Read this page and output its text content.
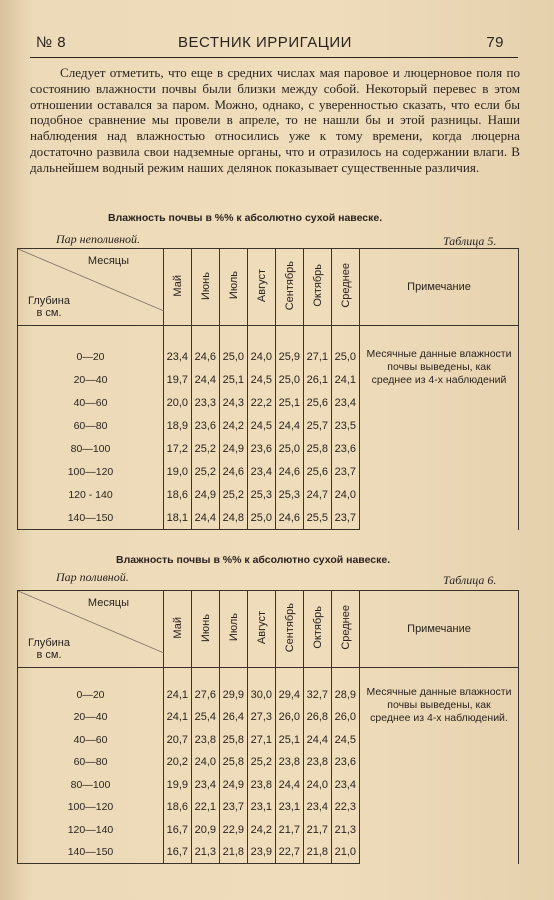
№ 8	ВЕСТНИК ИРРИГАЦИИ	79

Следует отметить, что еще в средних числах мая паровое и люцерновое поля по состоянию влажности почвы были близки между собой. Некоторый перевес в этом отношении оставался за паром. Можно, однако, с уверенностью сказать, что если бы подобное сравнение мы провели в апреле, то не нашли бы и этой разницы. Наши наблюдения над влажностью относились уже к тому времени, когда люцерна достаточно развила свои надземные органы, что и отразилось на содержании влаги. В дальнейшем водный режим наших делянок показывает существенные различия.

Влажность почвы в %% к абсолютно сухой навеске.
Пар неполивной.	Таблица 5.
Месяцы
Глубина в см.	Май	Июнь	Июль	Август	Сентябрь	Октябрь	Среднее	Примечание
0—20	23,4	24,6	25,0	24,0	25,9	27,1	25,0	Месячные данные влажности почвы выведены, как среднее из 4-х наблюдений
20—40	19,7	24,4	25,1	24,5	25,0	26,1	24,1	
40—60	20,0	23,3	24,3	22,2	25,1	25,6	23,4	
60—80	18,9	23,6	24,2	24,5	24,4	25,7	23,5	
80—100	17,2	25,2	24,9	23,6	25,0	25,8	23,6	
100—120	19,0	25,2	24,6	23,4	24,6	25,6	23,7	
120 - 140	18,6	24,9	25,2	25,3	25,3	24,7	24,0	
140—150	18,1	24,4	24,8	25,0	24,6	25,5	23,7	
Влажность почвы в %% к абсолютно сухой навеске.
Пар поливной.	Таблица 6.
Месяцы
Глубина в см.	Май	Июнь	Июль	Август	Сентябрь	Октябрь	Среднее	Примечание
0—20	24,1	27,6	29,9	30,0	29,4	32,7	28,9	Месячные данные влажности почвы выведены, как среднее из 4-х наблюдений.
20—40	24,1	25,4	26,4	27,3	26,0	26,8	26,0	
40—60	20,7	23,8	25,8	27,1	25,1	24,4	24,5	
60—80	20,2	24,0	25,8	25,2	23,8	23,8	23,6	
80—100	19,9	23,4	24,9	23,8	24,4	24,0	23,4	
100—120	18,6	22,1	23,7	23,1	23,1	23,4	22,3	
120—140	16,7	20,9	22,9	24,2	21,7	21,7	21,3	
140—150	16,7	21,3	21,8	23,9	22,7	21,8	21,0	
